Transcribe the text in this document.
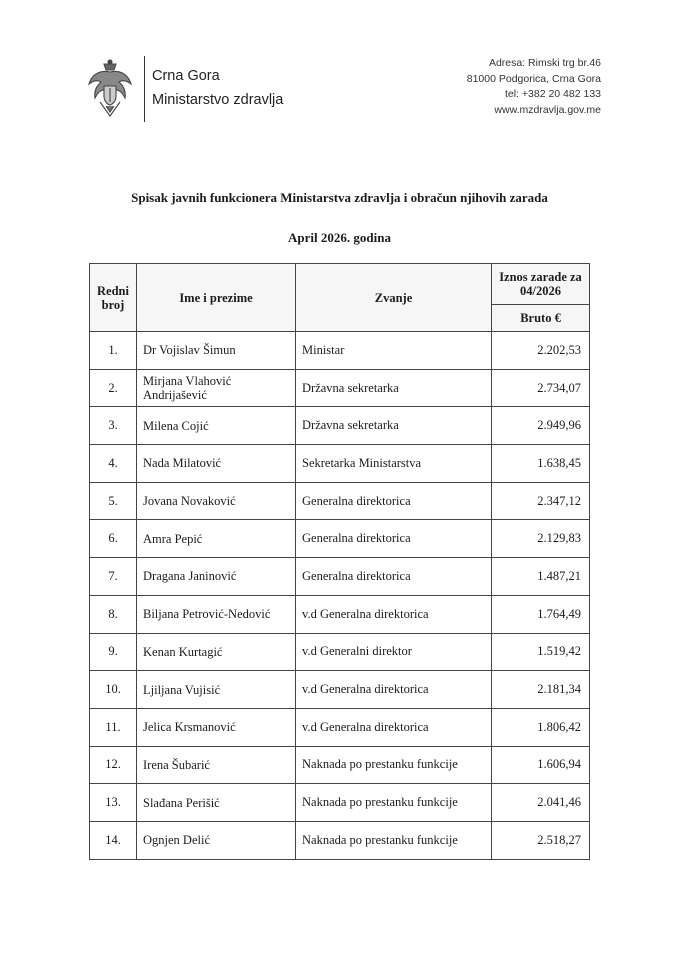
Crna Gora
Ministarstvo zdravlja
Adresa: Rimski trg br.46
81000 Podgorica, Crna Gora
tel: +382 20 482 133
www.mzdravlja.gov.me
Spisak javnih funkcionera Ministarstva zdravlja i obračun njihovih zarada
April 2026. godina
Redni broj	Ime i prezime	Zvanje	Iznos zarade za 04/2026
			Bruto €
1.	Dr Vojislav Šimun	Ministar	2.202,53
2.	Mirjana Vlahović Andrijašević	Državna sekretarka	2.734,07
3.	Milena Cojić	Državna sekretarka	2.949,96
4.	Nada Milatović	Sekretarka Ministarstva	1.638,45
5.	Jovana Novaković	Generalna direktorica	2.347,12
6.	Amra Pepić	Generalna direktorica	2.129,83
7.	Dragana Janinović	Generalna direktorica	1.487,21
8.	Biljana Petrović-Nedović	v.d Generalna direktorica	1.764,49
9.	Kenan Kurtagić	v.d Generalni direktor	1.519,42
10.	Ljiljana Vujisić	v.d Generalna direktorica	2.181,34
11.	Jelica Krsmanović	v.d Generalna direktorica	1.806,42
12.	Irena Šubarić	Naknada po prestanku funkcije	1.606,94
13.	Slađana Perišić	Naknada po prestanku funkcije	2.041,46
14.	Ognjen Delić	Naknada po prestanku funkcije	2.518,27
